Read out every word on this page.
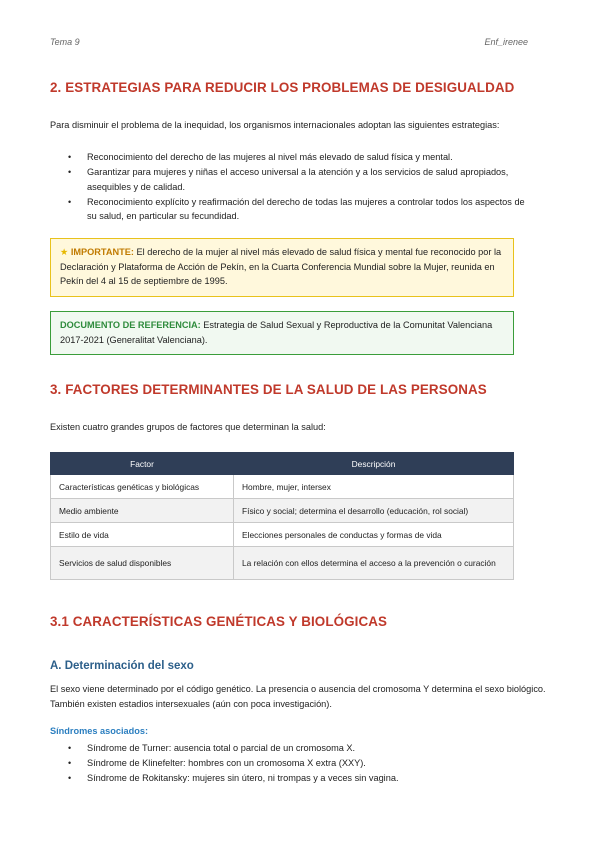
Tema 9	Enf_irenee
2. ESTRATEGIAS PARA REDUCIR LOS PROBLEMAS DE DESIGUALDAD

Para disminuir el problema de la inequidad, los organismos internacionales adoptan las siguientes estrategias:

• Reconocimiento del derecho de las mujeres al nivel más elevado de salud física y mental.
• Garantizar para mujeres y niñas el acceso universal a la atención y a los servicios de salud apropiados, asequibles y de calidad.
• Reconocimiento explícito y reafirmación del derecho de todas las mujeres a controlar todos los aspectos de su salud, en particular su fecundidad.
★ IMPORTANTE: El derecho de la mujer al nivel más elevado de salud física y mental fue reconocido por la Declaración y Plataforma de Acción de Pekín, en la Cuarta Conferencia Mundial sobre la Mujer, reunida en Pekín del 4 al 15 de septiembre de 1995.
DOCUMENTO DE REFERENCIA: Estrategia de Salud Sexual y Reproductiva de la Comunitat Valenciana 2017-2021 (Generalitat Valenciana).
3. FACTORES DETERMINANTES DE LA SALUD DE LAS PERSONAS

Existen cuatro grandes grupos de factores que determinan la salud:

Factor	Descripción
Características genéticas y biológicas	Hombre, mujer, intersex
Medio ambiente	Físico y social; determina el desarrollo (educación, rol social)
Estilo de vida	Elecciones personales de conductas y formas de vida
Servicios de salud disponibles	La relación con ellos determina el acceso a la prevención o curación
3.1 CARACTERÍSTICAS GENÉTICAS Y BIOLÓGICAS
A. Determinación del sexo

El sexo viene determinado por el código genético. La presencia o ausencia del cromosoma Y determina el sexo biológico. También existen estadios intersexuales (aún con poca investigación).

Síndromes asociados:
• Síndrome de Turner: ausencia total o parcial de un cromosoma X.
• Síndrome de Klinefelter: hombres con un cromosoma X extra (XXY).
• Síndrome de Rokitansky: mujeres sin útero, ni trompas y a veces sin vagina.
